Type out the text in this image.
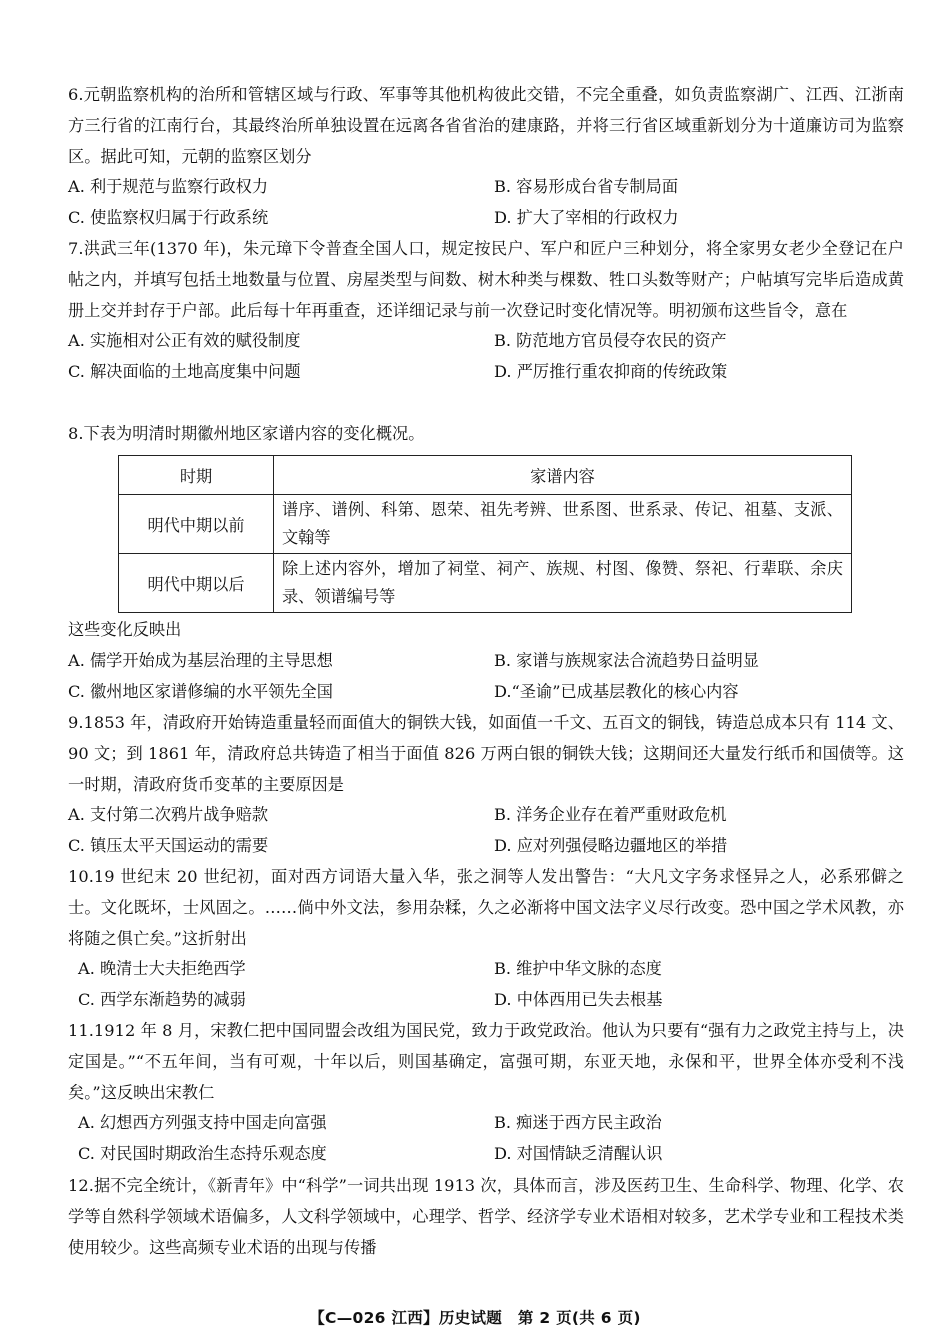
6.元朝监察机构的治所和管辖区域与行政、军事等其他机构彼此交错，不完全重叠，如负责监察湖广、江西、江浙南方三行省的江南行台，其最终治所单独设置在远离各省省治的建康路，并将三行省区域重新划分为十道廉访司为监察区。据此可知，元朝的监察区划分

A. 利于规范与监察行政权力	B. 容易形成台省专制局面
C. 使监察权归属于行政系统	D. 扩大了宰相的行政权力

7.洪武三年(1370 年)，朱元璋下令普查全国人口，规定按民户、军户和匠户三种划分，将全家男女老少全登记在户帖之内，并填写包括土地数量与位置、房屋类型与间数、树木种类与棵数、牲口头数等财产；户帖填写完毕后造成黄册上交并封存于户部。此后每十年再重查，还详细记录与前一次登记时变化情况等。明初颁布这些旨令，意在

A. 实施相对公正有效的赋役制度	B. 防范地方官员侵夺农民的资产
C. 解决面临的土地高度集中问题	D. 严厉推行重农抑商的传统政策

8.下表为明清时期徽州地区家谱内容的变化概况。

时期	家谱内容
明代中期以前	谱序、谱例、科第、恩荣、祖先考辨、世系图、世系录、传记、祖墓、支派、文翰等
明代中期以后	除上述内容外，增加了祠堂、祠产、族规、村图、像赞、祭祀、行辈联、余庆录、领谱编号等

这些变化反映出

A. 儒学开始成为基层治理的主导思想	B. 家谱与族规家法合流趋势日益明显
C. 徽州地区家谱修编的水平领先全国	D.“圣谕”已成基层教化的核心内容

9.1853 年，清政府开始铸造重量轻而面值大的铜铁大钱，如面值一千文、五百文的铜钱，铸造总成本只有 114 文、90 文；到 1861 年，清政府总共铸造了相当于面值 826 万两白银的铜铁大钱；这期间还大量发行纸币和国债等。这一时期，清政府货币变革的主要原因是

A. 支付第二次鸦片战争赔款	B. 洋务企业存在着严重财政危机
C. 镇压太平天国运动的需要	D. 应对列强侵略边疆地区的举措

10.19 世纪末 20 世纪初，面对西方词语大量入华，张之洞等人发出警告：“大凡文字务求怪异之人，必系邪僻之士。文化既坏，士风固之。……倘中外文法，参用杂糅，久之必渐将中国文法字义尽行改变。恐中国之学术风教，亦将随之俱亡矣。”这折射出

A. 晚清士大夫拒绝西学	B. 维护中华文脉的态度
C. 西学东渐趋势的减弱	D. 中体西用已失去根基

11.1912 年 8 月，宋教仁把中国同盟会改组为国民党，致力于政党政治。他认为只要有“强有力之政党主持与上，决定国是。”“不五年间，当有可观，十年以后，则国基确定，富强可期，东亚天地，永保和平，世界全体亦受利不浅矣。”这反映出宋教仁

A. 幻想西方列强支持中国走向富强	B. 痴迷于西方民主政治
C. 对民国时期政治生态持乐观态度	D. 对国情缺乏清醒认识

12.据不完全统计，《新青年》中“科学”一词共出现 1913 次，具体而言，涉及医药卫生、生命科学、物理、化学、农学等自然科学领域术语偏多，人文科学领域中，心理学、哲学、经济学专业术语相对较多，艺术学专业和工程技术类使用较少。这些高频专业术语的出现与传播

【C—026 江西】历史试题　第 2 页(共 6 页)
